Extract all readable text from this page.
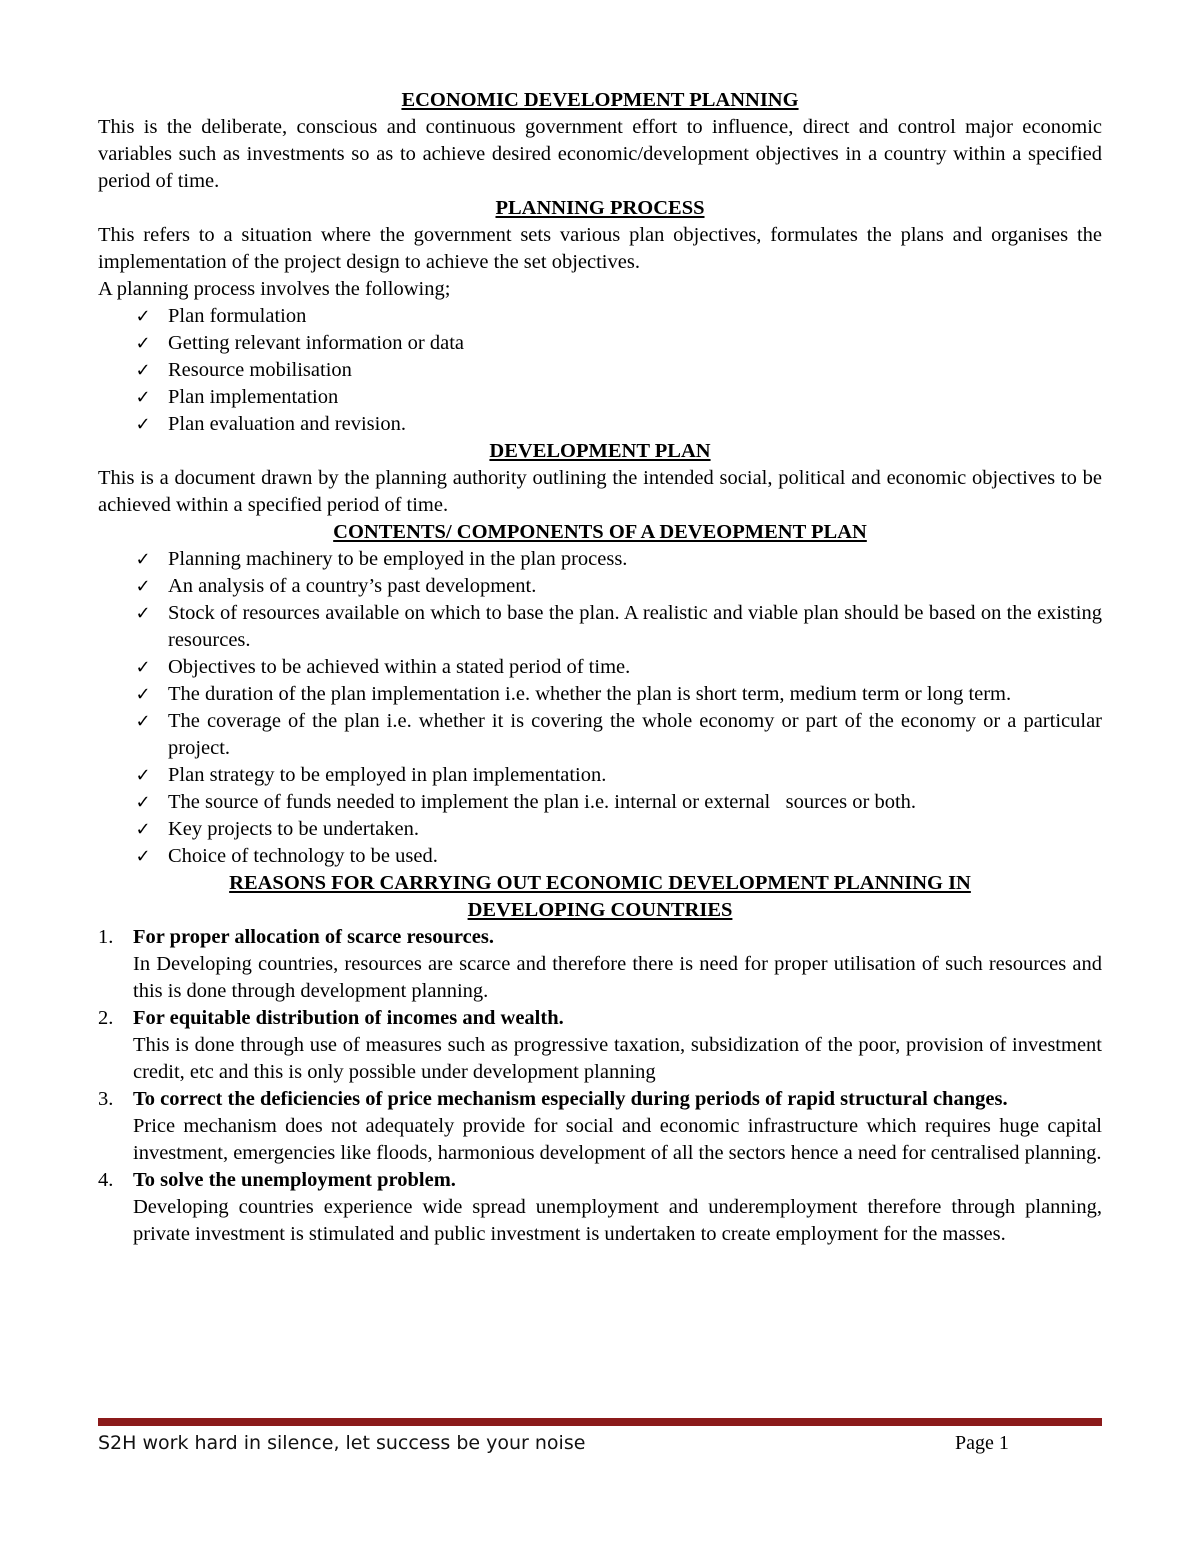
ECONOMIC DEVELOPMENT PLANNING

This is the deliberate, conscious and continuous government effort to influence, direct and control major economic variables such as investments so as to achieve desired economic/development objectives in a country within a specified period of time.

PLANNING PROCESS

This refers to a situation where the government sets various plan objectives, formulates the plans and organises the implementation of the project design to achieve the set objectives.

A planning process involves the following;

✓ Plan formulation
✓ Getting relevant information or data
✓ Resource mobilisation
✓ Plan implementation
✓ Plan evaluation and revision.

DEVELOPMENT PLAN

This is a document drawn by the planning authority outlining the intended social, political and economic objectives to be achieved within a specified period of time.

CONTENTS/ COMPONENTS OF A DEVEOPMENT PLAN

✓ Planning machinery to be employed in the plan process.
✓ An analysis of a country’s past development.
✓ Stock of resources available on which to base the plan. A realistic and viable plan should be based on the existing   resources.
✓ Objectives to be achieved within a stated period of time.
✓ The duration of the plan implementation i.e. whether the plan is short term, medium term or long term.
✓ The coverage of the plan i.e. whether it is covering the whole economy or part of the economy or a particular project.
✓ Plan strategy to be employed in plan implementation.
✓ The source of funds needed to implement the plan i.e. internal or external   sources or both.
✓ Key projects to be undertaken.
✓ Choice of technology to be used.

REASONS FOR CARRYING OUT ECONOMIC DEVELOPMENT PLANNING IN

DEVELOPING COUNTRIES

1. For proper allocation of scarce resources.

In Developing countries, resources are scarce and therefore there is need for proper utilisation of such resources and this is done through development planning.

2. For equitable distribution of incomes and wealth.

This is done through use of measures such as progressive taxation, subsidization of the poor, provision of investment credit, etc and this is only possible under development planning

3. To correct the deficiencies of price mechanism especially during periods of rapid structural changes.

Price mechanism does not adequately provide for social and economic infrastructure which requires huge capital investment, emergencies like floods, harmonious development of all the sectors hence a need for centralised planning.

4. To solve the unemployment problem.

Developing countries experience wide spread unemployment and underemployment therefore through planning, private investment is stimulated and public investment is undertaken to create employment for the masses.

S2H work hard in silence, let success be your noise	Page 1
